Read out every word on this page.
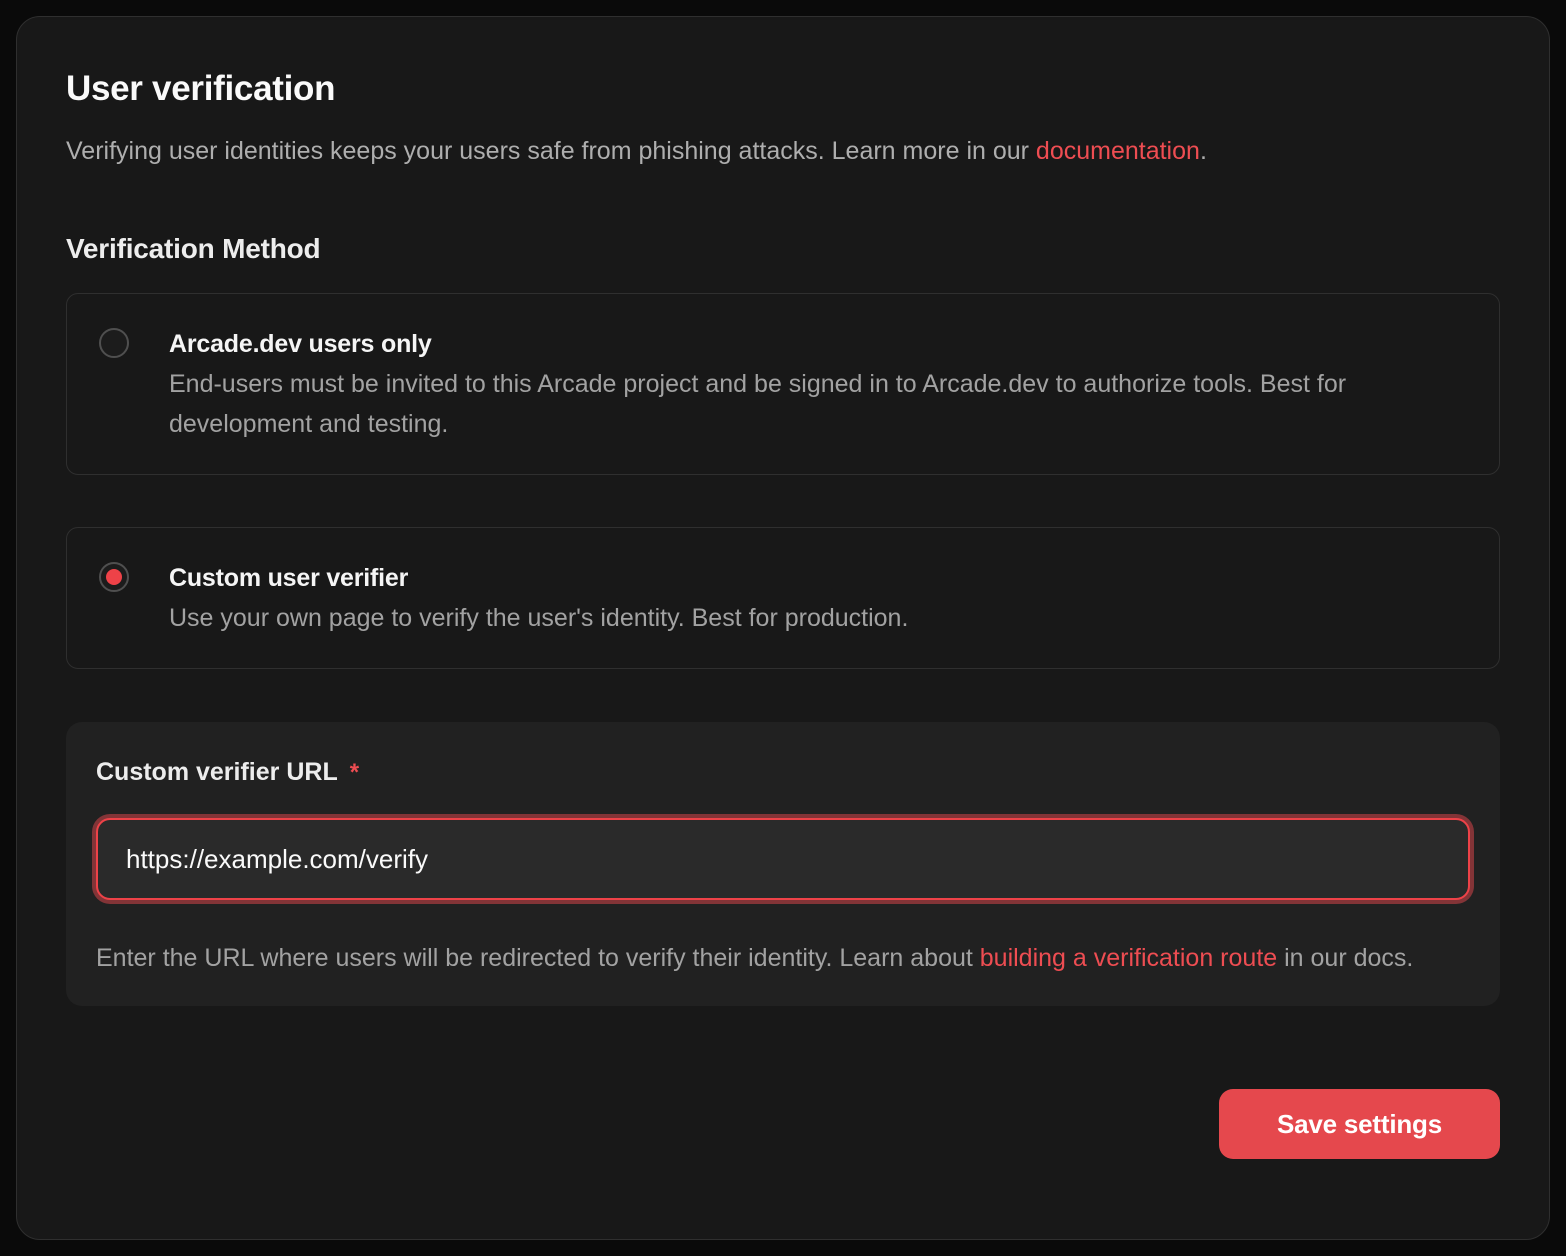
User verification

Verifying user identities keeps your users safe from phishing attacks. Learn more in our documentation.

Verification Method
Arcade.dev users only
End-users must be invited to this Arcade project and be signed in to Arcade.dev to authorize tools. Best for development and testing.
Custom user verifier
Use your own page to verify the user's identity. Best for production.
Custom verifier URL *
https://example.com/verify

Enter the URL where users will be redirected to verify their identity. Learn about building a verification route in our docs.

Save settings
